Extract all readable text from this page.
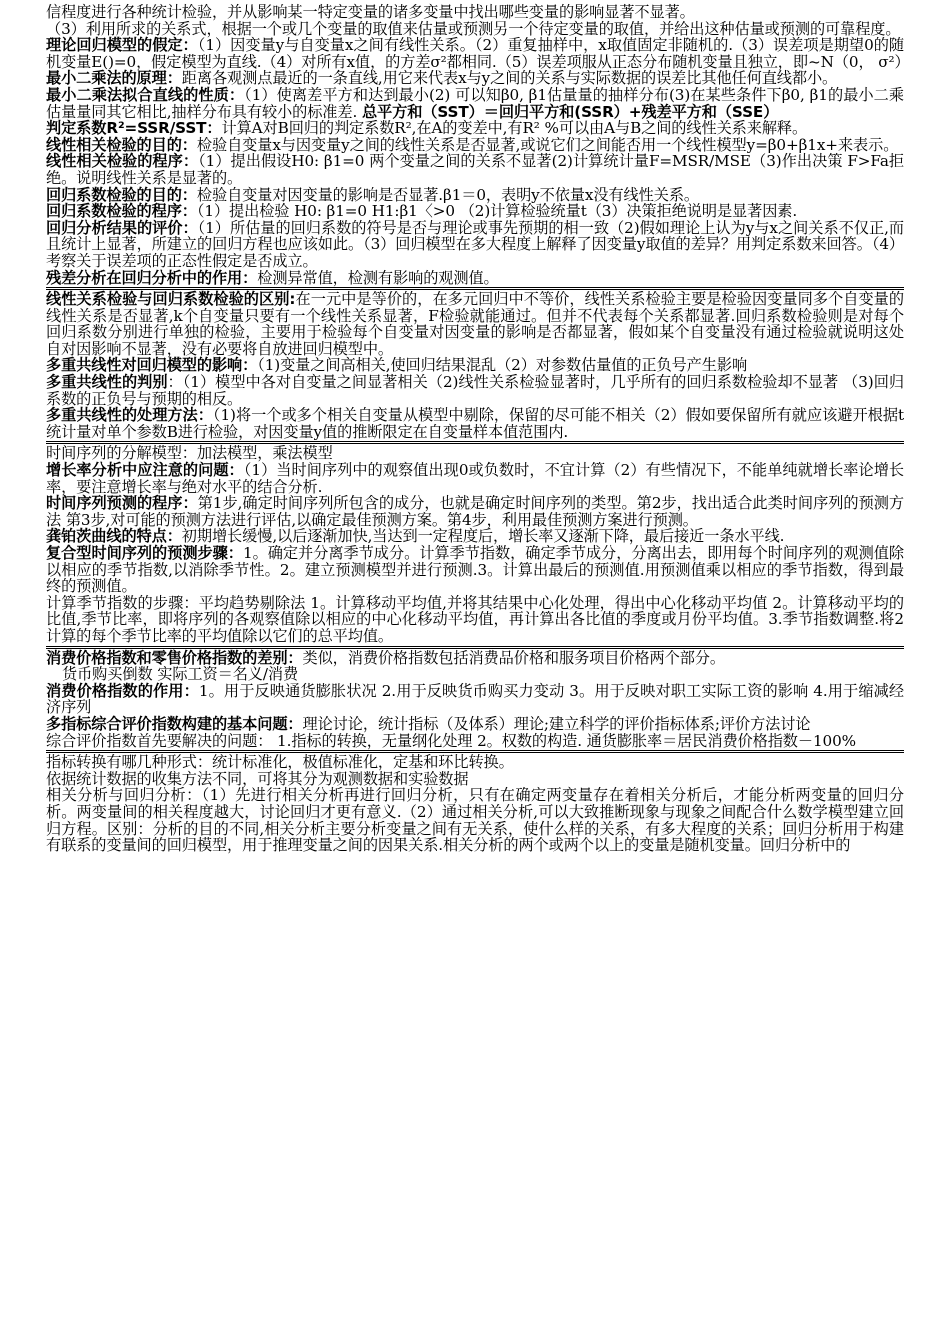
信程度进行各种统计检验，并从影响某一特定变量的诸多变量中找出哪些变量的影响显著不显著。

（3）利用所求的关系式，根据一个或几个变量的取值来估量或预测另一个待定变量的取值，并给出这种估量或预测的可靠程度。

理论回归模型的假定：（1）因变量y与自变量x之间有线性关系。（2）重复抽样中，x取值固定非随机的.（3）误差项是期望0的随机变量E()=0，假定模型为直线.（4）对所有x值，的方差σ²都相同.（5）误差项服从正态分布随机变量且独立，即~N（0， σ²）

最小二乘法的原理：距离各观测点最近的一条直线,用它来代表x与y之间的关系与实际数据的误差比其他任何直线都小。

最小二乘法拟合直线的性质：（1）使离差平方和达到最小(2) 可以知β0, β1估量量的抽样分布(3)在某些条件下β0, β1的最小二乘估量量同其它相比,抽样分布具有较小的标准差. 总平方和（SST）＝回归平方和(SSR）+残差平方和（SSE）

判定系数R²=SSR/SST：计算A对B回归的判定系数R²,在A的变差中,有R² %可以由A与B之间的线性关系来解释。

线性相关检验的目的：检验自变量x与因变量y之间的线性关系是否显著,或说它们之间能否用一个线性模型y=β0+β1x+来表示。

线性相关检验的程序：（1）提出假设H0: β1=0 两个变量之间的关系不显著(2)计算统计量F=MSR/MSE（3)作出决策 F>Fa拒绝。说明线性关系是显著的。

回归系数检验的目的：检验自变量对因变量的影响是否显著.β1＝0，表明y不依量x没有线性关系。

回归系数检验的程序：（1）提出检验 H0: β1=0 H1:β1〈>0 （2)计算检验统量t（3）决策拒绝说明是显著因素.

回归分析结果的评价：（1）所估量的回归系数的符号是否与理论或事先预期的相一致（2)假如理论上认为y与x之间关系不仅正,而且统计上显著，所建立的回归方程也应该如此。（3）回归模型在多大程度上解释了因变量y取值的差异？用判定系数来回答。（4）考察关于误差项的正态性假定是否成立。

残差分析在回归分析中的作用：检测异常值，检测有影响的观测值。

线性关系检验与回归系数检验的区别:在一元中是等价的，在多元回归中不等价，线性关系检验主要是检验因变量同多个自变量的线性关系是否显著,k个自变量只要有一个线性关系显著，F检验就能通过。但并不代表每个关系都显著.回归系数检验则是对每个回归系数分别进行单独的检验，主要用于检验每个自变量对因变量的影响是否都显著，假如某个自变量没有通过检验就说明这处自对因影响不显著，没有必要将自放进回归模型中。

多重共线性对回归模型的影响：（1)变量之间高相关,使回归结果混乱（2）对参数估量值的正负号产生影响

多重共线性的判别：（1）模型中各对自变量之间显著相关（2)线性关系检验显著时，几乎所有的回归系数检验却不显著 （3)回归系数的正负号与预期的相反。

多重共线性的处理方法：（1)将一个或多个相关自变量从模型中剔除，保留的尽可能不相关（2）假如要保留所有就应该避开根据t统计量对单个参数B进行检验，对因变量y值的推断限定在自变量样本值范围内.

时间序列的分解模型：加法模型，乘法模型

增长率分析中应注意的问题：（1）当时间序列中的观察值出现0或负数时，不宜计算（2）有些情况下，不能单纯就增长率论增长率，要注意增长率与绝对水平的结合分析.

时间序列预测的程序：第1步,确定时间序列所包含的成分，也就是确定时间序列的类型。第2步，找出适合此类时间序列的预测方法 第3步,对可能的预测方法进行评估,以确定最佳预测方案。第4步，利用最佳预测方案进行预测。

龚铂茨曲线的特点：初期增长缓慢,以后逐渐加快,当达到一定程度后，增长率又逐渐下降，最后接近一条水平线.

复合型时间序列的预测步骤：1。确定并分离季节成分。计算季节指数，确定季节成分，分离出去，即用每个时间序列的观测值除以相应的季节指数,以消除季节性。2。建立预测模型并进行预测.3。计算出最后的预测值.用预测值乘以相应的季节指数，得到最终的预测值。

计算季节指数的步骤：平均趋势剔除法 1。计算移动平均值,并将其结果中心化处理，得出中心化移动平均值 2。计算移动平均的比值,季节比率，即将序列的各观察值除以相应的中心化移动平均值，再计算出各比值的季度或月份平均值。3.季节指数调整.将2计算的每个季节比率的平均值除以它们的总平均值。

消费价格指数和零售价格指数的差别：类似，消费价格指数包括消费品价格和服务项目价格两个部分。

货币购买倒数 实际工资＝名义/消费

消费价格指数的作用：1。用于反映通货膨胀状况 2.用于反映货币购买力变动 3。用于反映对职工实际工资的影响 4.用于缩减经济序列

多指标综合评价指数构建的基本问题：理论讨论，统计指标（及体系）理论;建立科学的评价指标体系;评价方法讨论

综合评价指数首先要解决的问题： 1.指标的转换，无量纲化处理 2。权数的构造. 通货膨胀率＝居民消费价格指数－100%

指标转换有哪几种形式：统计标准化，极值标准化，定基和环比转换。

依据统计数据的收集方法不同，可将其分为观测数据和实验数据

相关分析与回归分析：（1）先进行相关分析再进行回归分析，只有在确定两变量存在着相关分析后，才能分析两变量的回归分析。两变量间的相关程度越大，讨论回归才更有意义.（2）通过相关分析,可以大致推断现象与现象之间配合什么数学模型建立回归方程。区别：分析的目的不同,相关分析主要分析变量之间有无关系，使什么样的关系，有多大程度的关系；回归分析用于构建有联系的变量间的回归模型，用于推理变量之间的因果关系.相关分析的两个或两个以上的变量是随机变量。回归分析中的
